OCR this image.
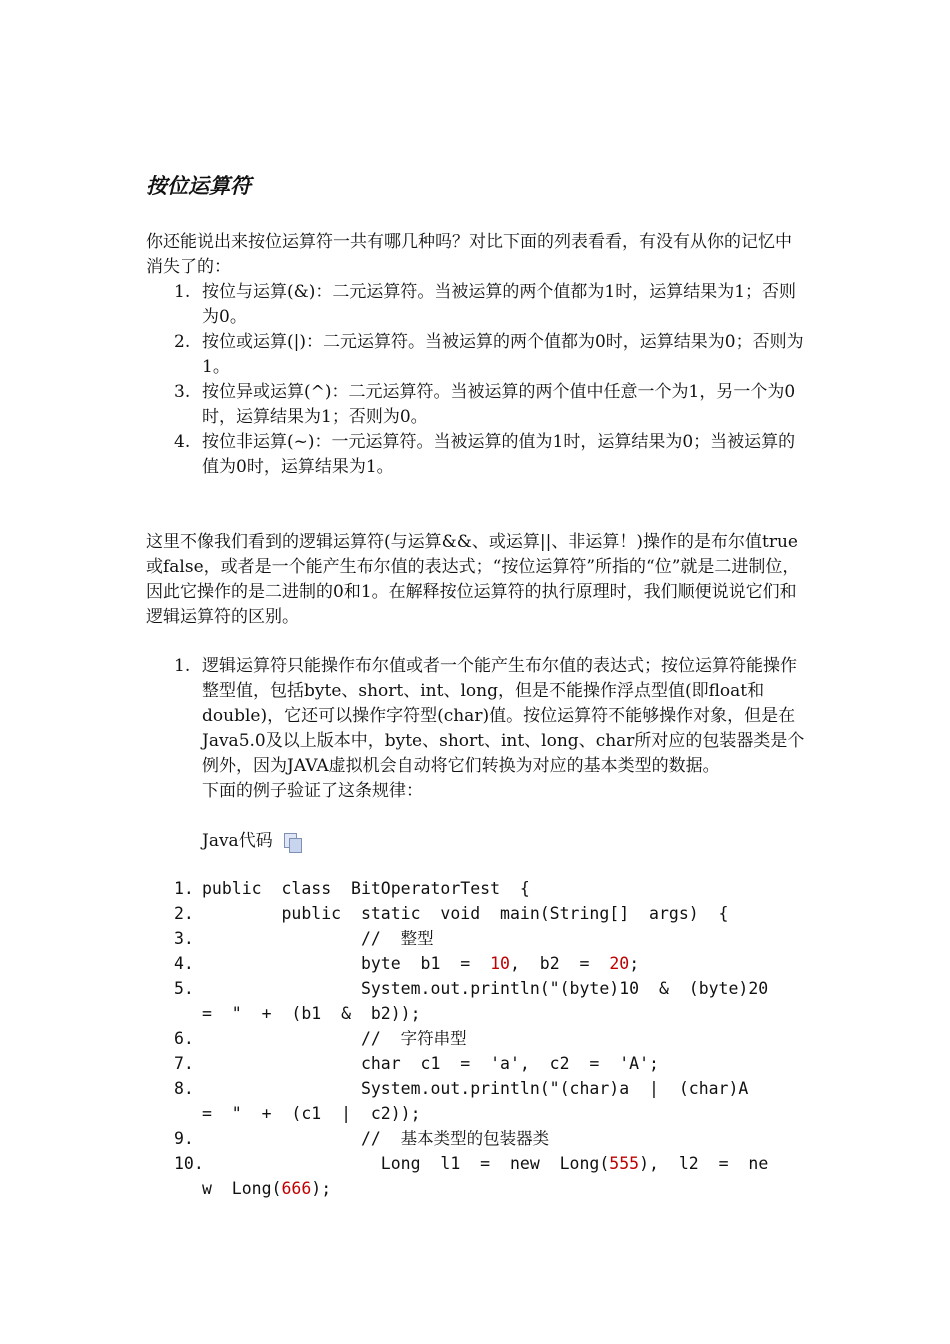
按位运算符

你还能说出来按位运算符一共有哪几种吗？对比下面的列表看看，有没有从你的记忆中消失了的：

1. 按位与运算(&)：二元运算符。当被运算的两个值都为1时，运算结果为1；否则为0。
2. 按位或运算(|)：二元运算符。当被运算的两个值都为0时，运算结果为0；否则为1。
3. 按位异或运算(^)：二元运算符。当被运算的两个值中任意一个为1，另一个为0时，运算结果为1；否则为0。
4. 按位非运算(~)：一元运算符。当被运算的值为1时，运算结果为0；当被运算的值为0时，运算结果为1。

这里不像我们看到的逻辑运算符(与运算&&、或运算||、非运算！)操作的是布尔值true或false，或者是一个能产生布尔值的表达式；“按位运算符”所指的“位”就是二进制位，因此它操作的是二进制的0和1。在解释按位运算符的执行原理时，我们顺便说说它们和逻辑运算符的区别。

1. 逻辑运算符只能操作布尔值或者一个能产生布尔值的表达式；按位运算符能操作整型值，包括byte、short、int、long，但是不能操作浮点型值(即float和double)，它还可以操作字符型(char)值。按位运算符不能够操作对象，但是在Java5.0及以上版本中，byte、short、int、long、char所对应的包装器类是个例外，因为JAVA虚拟机会自动将它们转换为对应的基本类型的数据。
下面的例子验证了这条规律：
Java代码
1. public  class  BitOperatorTest  {
2. public  static  void  main(String[]  args)  {
3. //  整型
4. byte  b1  =  10,  b2  =  20;
5. System.out.println("(byte)10  &  (byte)20
=  "  +  (b1  &  b2));
6. //  字符串型
7. char  c1  =  'a',  c2  =  'A';
8. System.out.println("(char)a  |  (char)A
=  "  +  (c1  |  c2));
9. //  基本类型的包装器类
10.
Long  l1  =  new  Long(555),  l2  =  ne
w  Long(666);
